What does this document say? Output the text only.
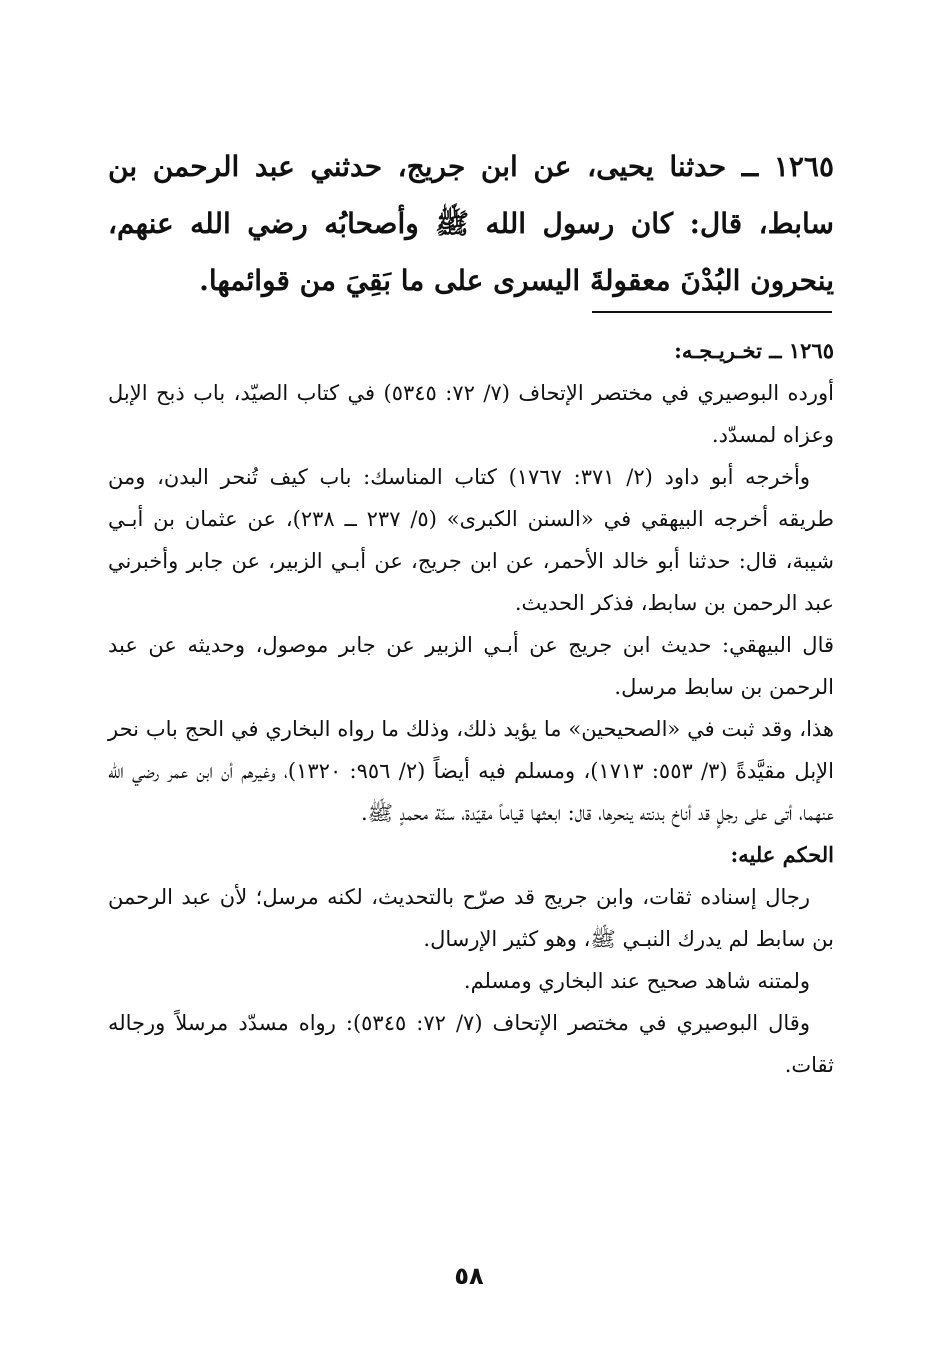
١٢٦٥ ــ حدثنا يحيى، عن ابن جريج، حدثني عبد الرحمن بن سابط، قال: كان رسول الله ﷺ وأصحابُه رضي الله عنهم، ينحرون البُدْنَ معقولةَ اليسرى على ما بَقِيَ من قوائمها.

١٢٦٥ ــ تخـريـجـه:

أورده البوصيري في مختصر الإتحاف (٧/ ٧٢: ٥٣٤٥) في كتاب الصيّد، باب ذبح الإبل وعزاه لمسدّد.

وأخرجه أبو داود (٢/ ٣٧١: ١٧٦٧) كتاب المناسك: باب كيف تُنحر البدن، ومن طريقه أخرجه البيهقي في «السنن الكبرى» (٥/ ٢٣٧ ــ ٢٣٨)، عن عثمان بن أبـي شيبة، قال: حدثنا أبو خالد الأحمر، عن ابن جريج، عن أبـي الزبير، عن جابر وأخبرني عبد الرحمن بن سابط، فذكر الحديث.

قال البيهقي: حديث ابن جريج عن أبـي الزبير عن جابر موصول، وحديثه عن عبد الرحمن بن سابط مرسل.

هذا، وقد ثبت في «الصحيحين» ما يؤيد ذلك، وذلك ما رواه البخاري في الحج باب نحر الإبل مقيَّدةً (٣/ ٥٥٣: ١٧١٣)، ومسلم فيه أيضاً (٢/ ٩٥٦: ١٣٢٠)، وغيرهم أن ابن عمر رضي الله عنهما، أتى على رجلٍ قد أناخ بدنته ينحرها، قال: ابعثها قياماً مقيّدة، سنّة محمدٍ ﷺ.

الحكم عليه:

رجال إسناده ثقات، وابن جريج قد صرّح بالتحديث، لكنه مرسل؛ لأن عبد الرحمن بن سابط لم يدرك النبـي ﷺ، وهو كثير الإرسال.

ولمتنه شاهد صحيح عند البخاري ومسلم.

وقال البوصيري في مختصر الإتحاف (٧/ ٧٢: ٥٣٤٥): رواه مسدّد مرسلاً ورجاله ثقات.

٥٨
